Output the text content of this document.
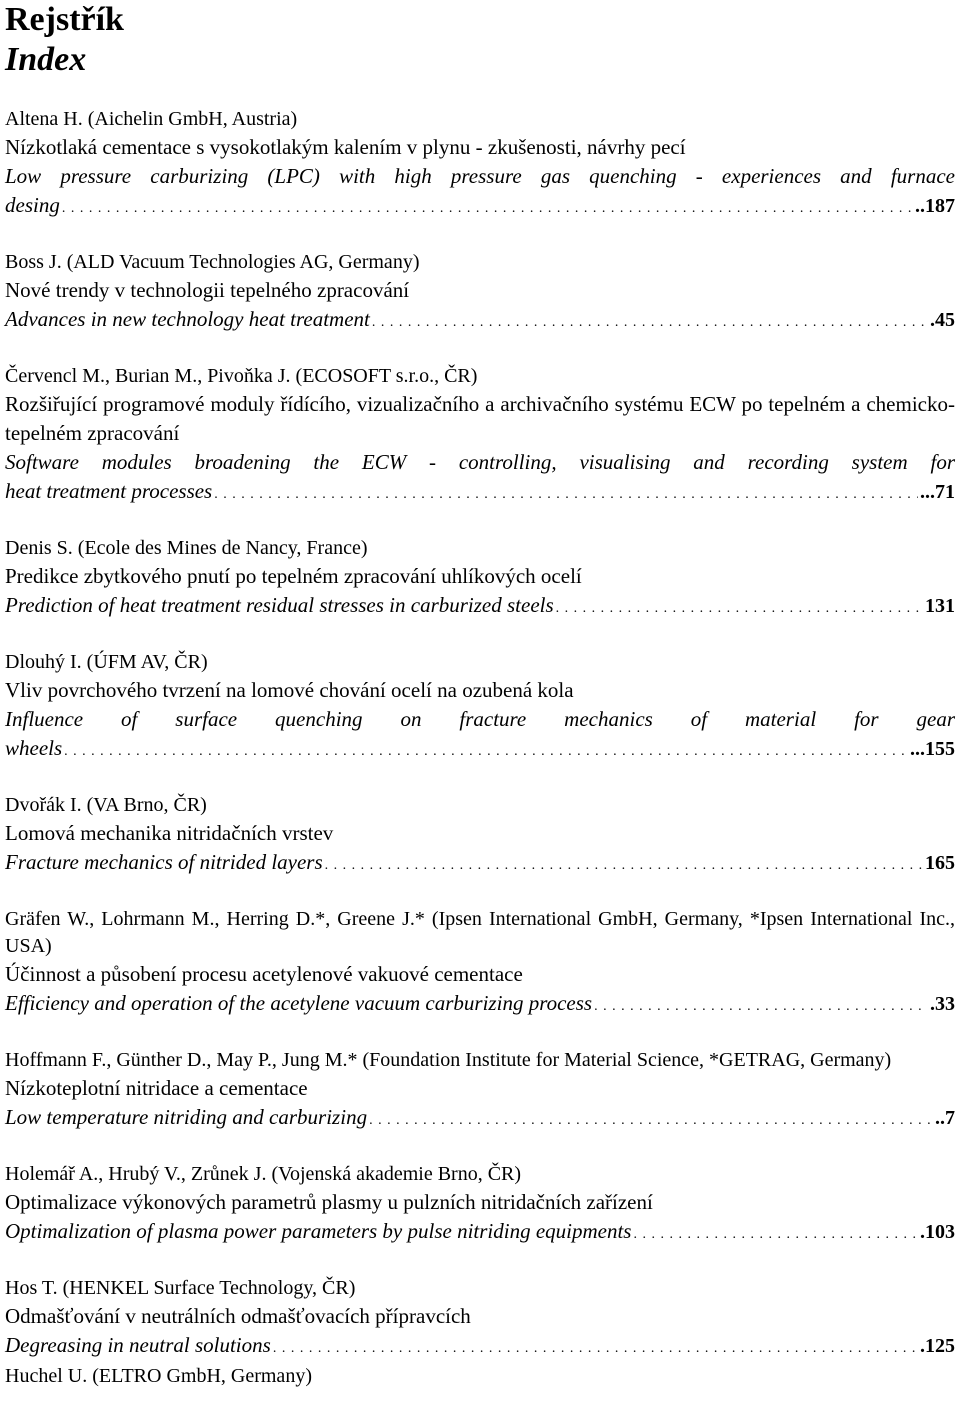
Rejstřík
Index
Altena H. (Aichelin GmbH, Austria)
Nízkotlaká cementace s vysokotlakým kalením v plynu - zkušenosti, návrhy pecí
Low pressure carburizing (LPC) with high pressure gas quenching - experiences and furnace
desing . . .	..187
Boss J. (ALD Vacuum Technologies AG, Germany)
Nové trendy v technologii tepelného zpracování
Advances in new technology heat treatment . . .	.45
Červencl M., Burian M., Pivoňka J. (ECOSOFT s.r.o., ČR)
Rozšiřující programové moduly řídícího, vizualizačního a archivačního systému ECW po tepelném a chemicko-tepelném zpracování
Software modules broadening the ECW - controlling, visualising and recording system for
heat treatment processes . . .	...71
Denis S. (Ecole des Mines de Nancy, France)
Predikce zbytkového pnutí po tepelném zpracování uhlíkových ocelí
Prediction of heat treatment residual stresses in carburized steels . . .	131
Dlouhý I. (ÚFM AV, ČR)
Vliv povrchového tvrzení na lomové chování ocelí na ozubená kola
Influence of surface quenching on fracture mechanics of material for gear
wheels . . .	...155
Dvořák I. (VA Brno, ČR)
Lomová mechanika nitridačních vrstev
Fracture mechanics of nitrided layers . . .	165
Gräfen W., Lohrmann M., Herring D.*, Greene J.* (Ipsen International GmbH, Germany, *Ipsen International Inc., USA)
Účinnost a působení procesu acetylenové vakuové cementace
Efficiency and operation of the acetylene vacuum carburizing process . . .	.33
Hoffmann F., Günther D., May P., Jung M.* (Foundation Institute for Material Science, *GETRAG, Germany)
Nízkoteplotní nitridace a cementace
Low temperature nitriding and carburizing . . .	..7
Holemář A., Hrubý V., Zrůnek J. (Vojenská akademie Brno, ČR)
Optimalizace výkonových parametrů plasmy u pulzních nitridačních zařízení
Optimalization of plasma power parameters by pulse nitriding equipments . . .	.103
Hos T. (HENKEL Surface Technology, ČR)
Odmašťování v neutrálních odmašťovacích přípravcích
Degreasing in neutral solutions . . .	.125
Huchel U. (ELTRO GmbH, Germany)
